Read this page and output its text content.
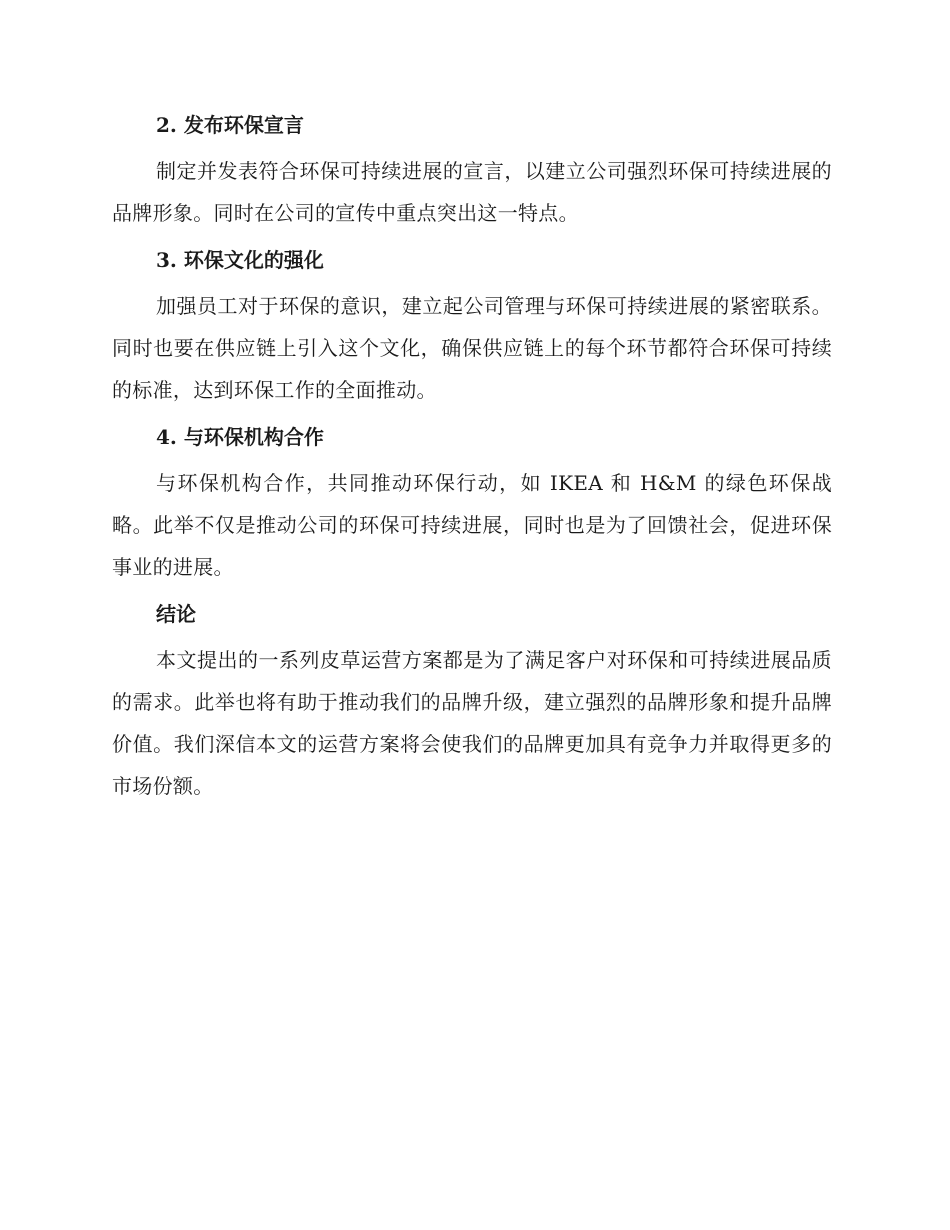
2. 发布环保宣言

制定并发表符合环保可持续进展的宣言，以建立公司强烈环保可持续进展的品牌形象。同时在公司的宣传中重点突出这一特点。

3. 环保文化的强化

加强员工对于环保的意识，建立起公司管理与环保可持续进展的紧密联系。同时也要在供应链上引入这个文化，确保供应链上的每个环节都符合环保可持续的标准，达到环保工作的全面推动。

4. 与环保机构合作

与环保机构合作，共同推动环保行动，如 IKEA 和 H&M 的绿色环保战略。此举不仅是推动公司的环保可持续进展，同时也是为了回馈社会，促进环保事业的进展。

结论

本文提出的一系列皮草运营方案都是为了满足客户对环保和可持续进展品质的需求。此举也将有助于推动我们的品牌升级，建立强烈的品牌形象和提升品牌价值。我们深信本文的运营方案将会使我们的品牌更加具有竞争力并取得更多的市场份额。
